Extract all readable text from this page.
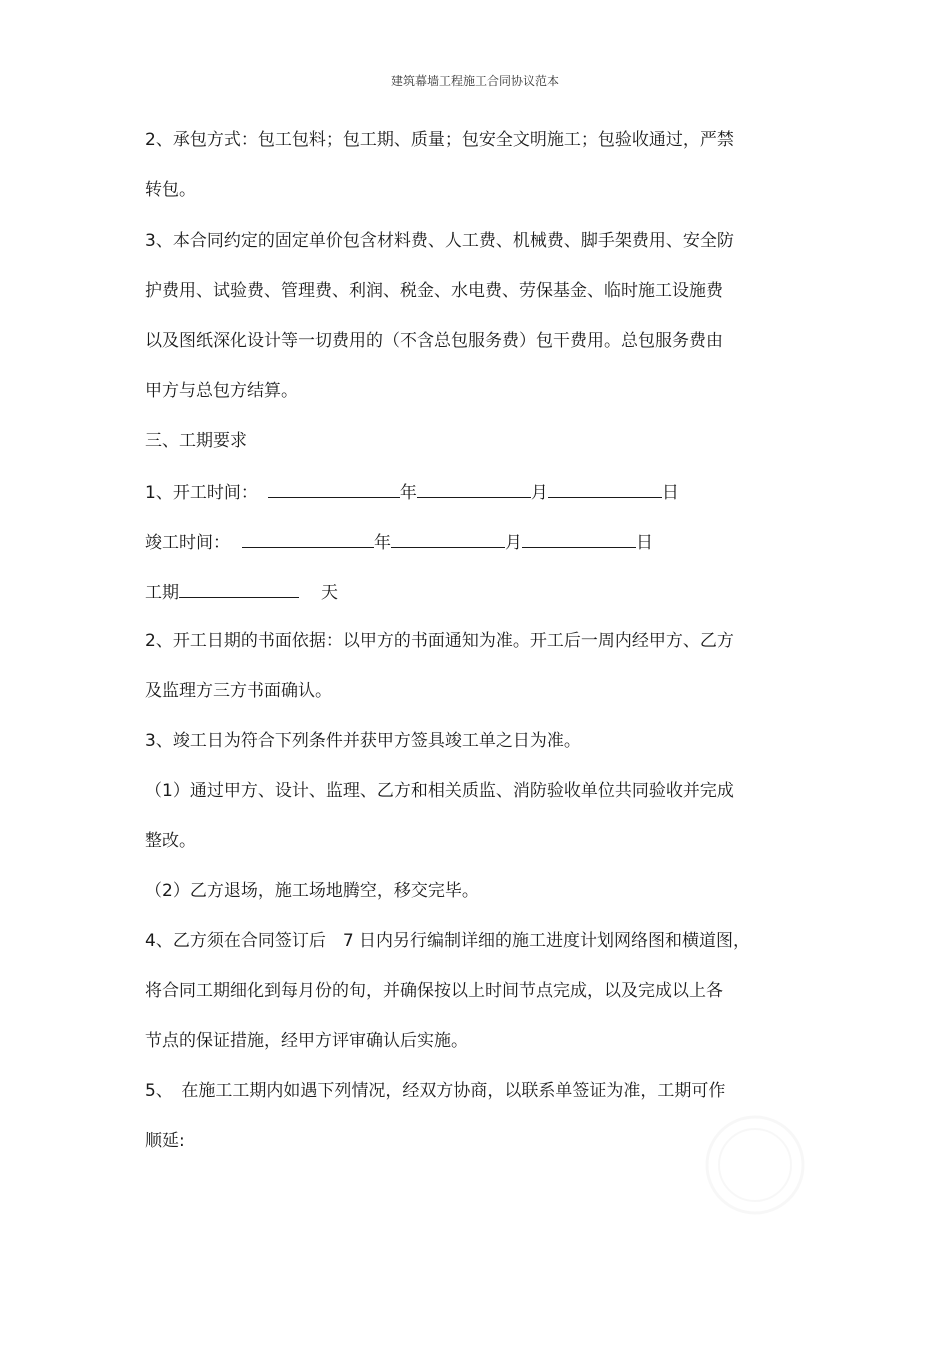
建筑幕墙工程施工合同协议范本
2、承包方式：包工包料；包工期、质量；包安全文明施工；包验收通过，严禁
转包。
3、本合同约定的固定单价包含材料费、人工费、机械费、脚手架费用、安全防
护费用、试验费、管理费、利润、税金、水电费、劳保基金、临时施工设施费
以及图纸深化设计等一切费用的（不含总包服务费）包干费用。总包服务费由
甲方与总包方结算。
三、工期要求
1、开工时间：	年	月	日
竣工时间：	年	月	日
工期	天
2、开工日期的书面依据：以甲方的书面通知为准。开工后一周内经甲方、乙方
及监理方三方书面确认。
3、竣工日为符合下列条件并获甲方签具竣工单之日为准。
（1）通过甲方、设计、监理、乙方和相关质监、消防验收单位共同验收并完成
整改。
（2）乙方退场，施工场地腾空，移交完毕。
4、乙方须在合同签订后　7 日内另行编制详细的施工进度计划网络图和横道图，
将合同工期细化到每月份的旬，并确保按以上时间节点完成，以及完成以上各
节点的保证措施，经甲方评审确认后实施。
5、　在施工工期内如遇下列情况，经双方协商，以联系单签证为准，工期可作
顺延:
